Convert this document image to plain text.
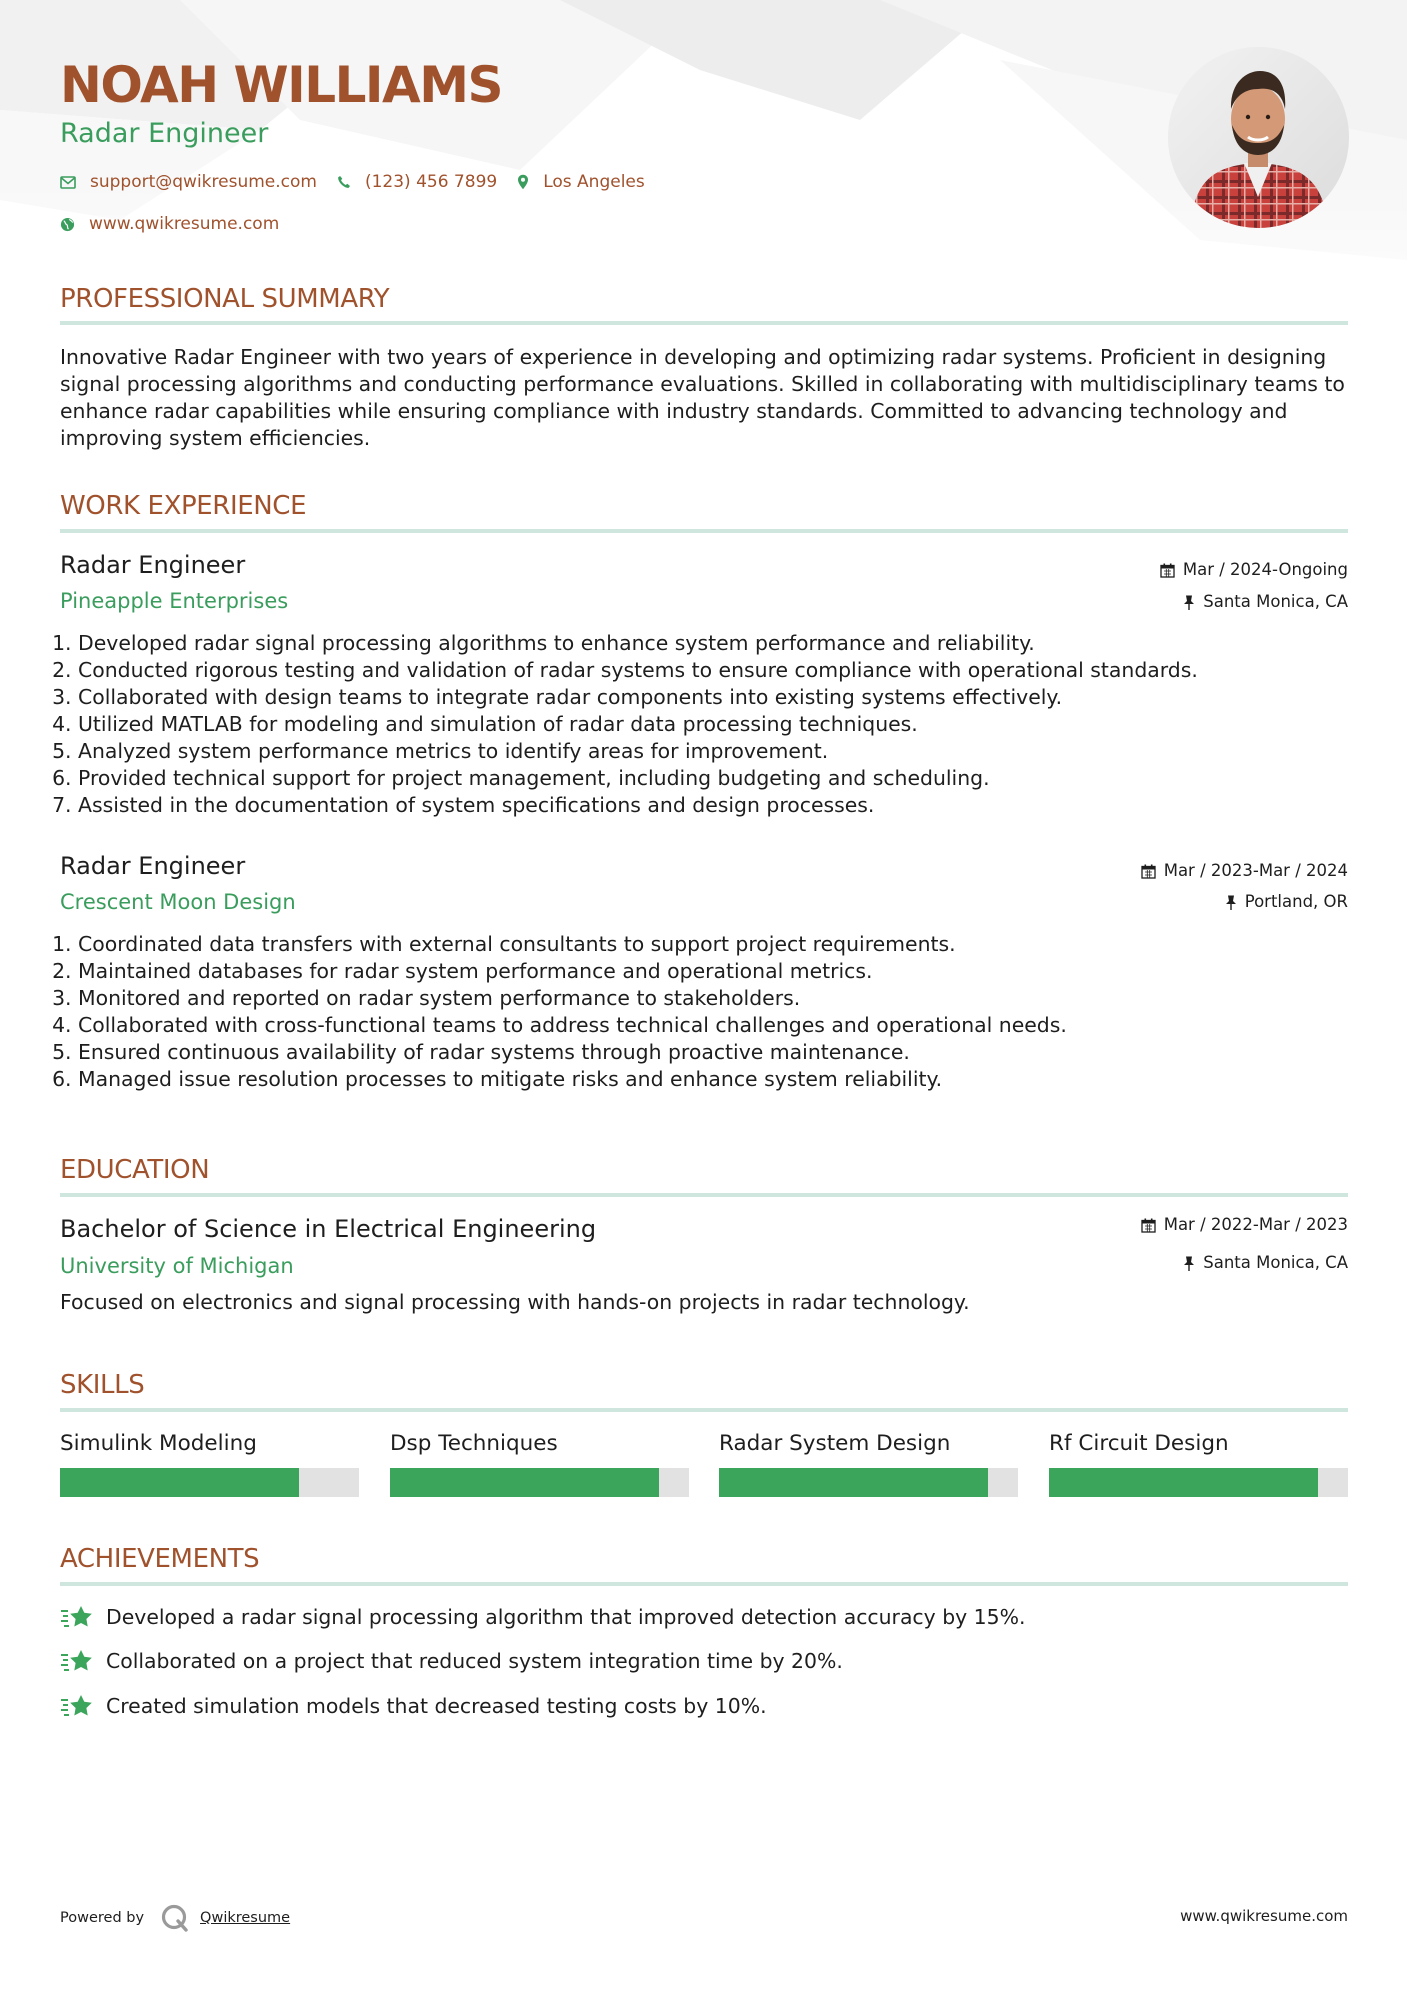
NOAH WILLIAMS
Radar Engineer
support@qwikresume.com	(123) 456 7899	Los Angeles
www.qwikresume.com
PROFESSIONAL SUMMARY
Innovative Radar Engineer with two years of experience in developing and optimizing radar systems. Proficient in designing signal processing algorithms and conducting performance evaluations. Skilled in collaborating with multidisciplinary teams to enhance radar capabilities while ensuring compliance with industry standards. Committed to advancing technology and improving system efficiencies.
WORK EXPERIENCE
Radar Engineer
Pineapple Enterprises
Mar / 2024-Ongoing
Santa Monica, CA
1. Developed radar signal processing algorithms to enhance system performance and reliability.
2. Conducted rigorous testing and validation of radar systems to ensure compliance with operational standards.
3. Collaborated with design teams to integrate radar components into existing systems effectively.
4. Utilized MATLAB for modeling and simulation of radar data processing techniques.
5. Analyzed system performance metrics to identify areas for improvement.
6. Provided technical support for project management, including budgeting and scheduling.
7. Assisted in the documentation of system specifications and design processes.
Radar Engineer
Crescent Moon Design
Mar / 2023-Mar / 2024
Portland, OR
1. Coordinated data transfers with external consultants to support project requirements.
2. Maintained databases for radar system performance and operational metrics.
3. Monitored and reported on radar system performance to stakeholders.
4. Collaborated with cross-functional teams to address technical challenges and operational needs.
5. Ensured continuous availability of radar systems through proactive maintenance.
6. Managed issue resolution processes to mitigate risks and enhance system reliability.
EDUCATION
Bachelor of Science in Electrical Engineering
University of Michigan
Mar / 2022-Mar / 2023
Santa Monica, CA
Focused on electronics and signal processing with hands-on projects in radar technology.
SKILLS
Simulink Modeling	Dsp Techniques	Radar System Design	Rf Circuit Design
ACHIEVEMENTS
Developed a radar signal processing algorithm that improved detection accuracy by 15%.
Collaborated on a project that reduced system integration time by 20%.
Created simulation models that decreased testing costs by 10%.
Powered by	Qwikresume	www.qwikresume.com
